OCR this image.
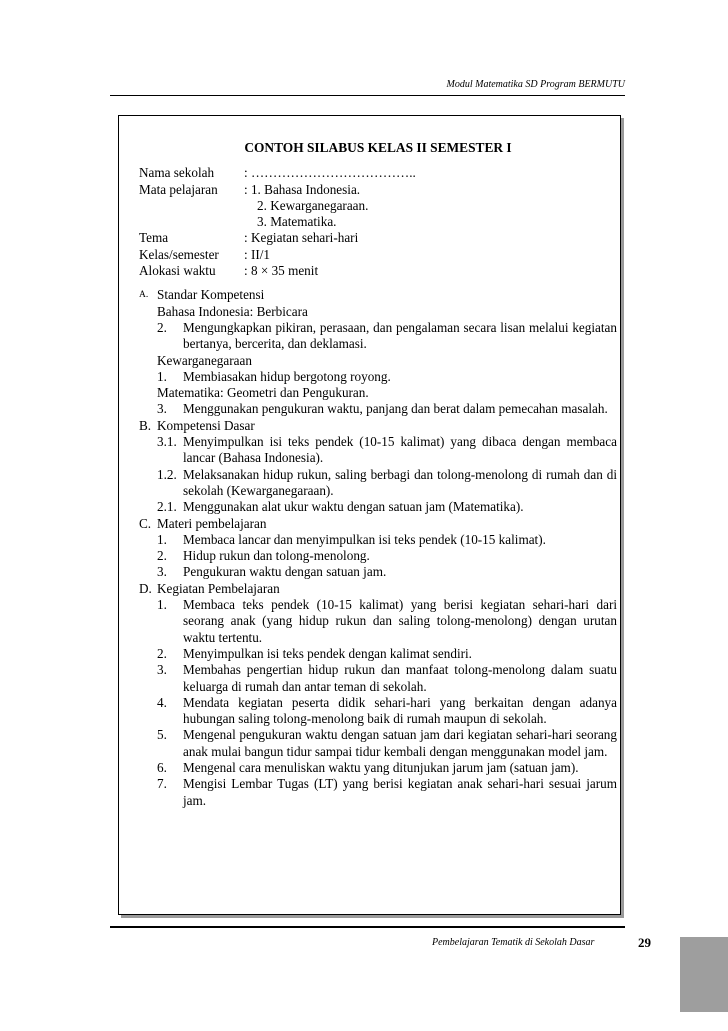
Modul Matematika SD Program BERMUTU
CONTOH SILABUS KELAS II SEMESTER I
Nama sekolah	: ………………………………..
Mata pelajaran	: 1. Bahasa Indonesia.
2. Kewarganegaraan.
3. Matematika.
Tema	: Kegiatan sehari-hari
Kelas/semester	: II/1
Alokasi waktu	: 8 × 35 menit
A. Standar Kompetensi
Bahasa Indonesia: Berbicara
2.	Mengungkapkan pikiran, perasaan, dan pengalaman secara lisan melalui kegiatan bertanya, bercerita, dan deklamasi.
Kewarganegaraan
1.	Membiasakan hidup bergotong royong.
Matematika: Geometri dan Pengukuran.
3.	Menggunakan pengukuran waktu, panjang dan berat dalam pemecahan masalah.
B. Kompetensi Dasar
3.1. Menyimpulkan isi teks pendek (10-15 kalimat) yang dibaca dengan membaca lancar (Bahasa Indonesia).
1.2. Melaksanakan hidup rukun, saling berbagi dan tolong-menolong di rumah dan di sekolah (Kewarganegaraan).
2.1. Menggunakan alat ukur waktu dengan satuan jam (Matematika).
C. Materi pembelajaran
1.	Membaca lancar dan menyimpulkan isi teks pendek (10-15 kalimat).
2.	Hidup rukun dan tolong-menolong.
3.	Pengukuran waktu dengan satuan jam.
D. Kegiatan Pembelajaran
1.	Membaca teks pendek (10-15 kalimat) yang berisi kegiatan sehari-hari dari seorang anak (yang hidup rukun dan saling tolong-menolong) dengan urutan waktu tertentu.
2.	Menyimpulkan isi teks pendek dengan kalimat sendiri.
3.	Membahas pengertian hidup rukun dan manfaat tolong-menolong dalam suatu keluarga di rumah dan antar teman di sekolah.
4.	Mendata kegiatan peserta didik sehari-hari yang berkaitan dengan adanya hubungan saling tolong-menolong baik di rumah maupun di sekolah.
5.	Mengenal pengukuran waktu dengan satuan jam dari kegiatan sehari-hari seorang anak mulai bangun tidur sampai tidur kembali dengan menggunakan model jam.
6.	Mengenal cara menuliskan waktu yang ditunjukan jarum jam (satuan jam).
7.	Mengisi Lembar Tugas (LT) yang berisi kegiatan anak sehari-hari sesuai jarum jam.
Pembelajaran Tematik di Sekolah Dasar	29
